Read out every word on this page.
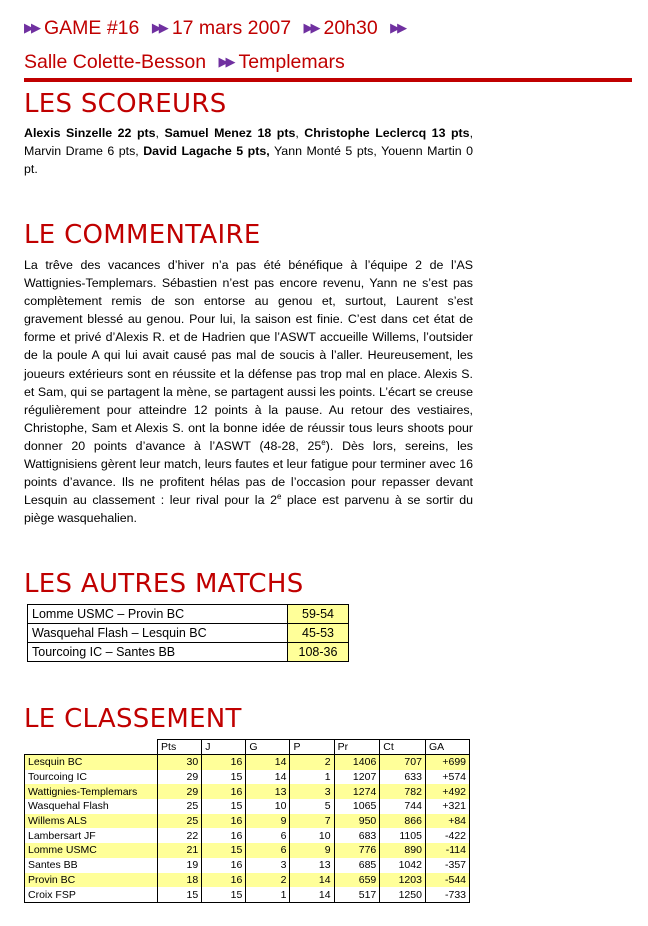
▶▶ GAME #16 ▶▶ 17 mars 2007 ▶▶ 20h30 ▶▶
Salle Colette-Besson ▶▶ Templemars
LES SCOREURS
Alexis Sinzelle 22 pts, Samuel Menez 18 pts, Christophe Leclercq 13 pts, Marvin Drame 6 pts, David Lagache 5 pts, Yann Monté 5 pts, Youenn Martin 0 pt.
LE COMMENTAIRE
La trêve des vacances d’hiver n’a pas été bénéfique à l’équipe 2 de l’AS Wattignies-Templemars. Sébastien n’est pas encore revenu, Yann ne s’est pas complètement remis de son entorse au genou et, surtout, Laurent s’est gravement blessé au genou. Pour lui, la saison est finie. C’est dans cet état de forme et privé d’Alexis R. et de Hadrien que l’ASWT accueille Willems, l’outsider de la poule A qui lui avait causé pas mal de soucis à l’aller. Heureusement, les joueurs extérieurs sont en réussite et la défense pas trop mal en place. Alexis S. et Sam, qui se partagent la mène, se partagent aussi les points. L’écart se creuse régulièrement pour atteindre 12 points à la pause. Au retour des vestiaires, Christophe, Sam et Alexis S. ont la bonne idée de réussir tous leurs shoots pour donner 20 points d’avance à l’ASWT (48-28, 25e). Dès lors, sereins, les Wattignisiens gèrent leur match, leurs fautes et leur fatigue pour terminer avec 16 points d’avance. Ils ne profitent hélas pas de l’occasion pour repasser devant Lesquin au classement : leur rival pour la 2e place est parvenu à se sortir du piège wasquehalien.
LES AUTRES MATCHS
Lomme USMC – Provin BC	59-54
Wasquehal Flash – Lesquin BC	45-53
Tourcoing IC – Santes BB	108-36
LE CLASSEMENT
	Pts	J	G	P	Pr	Ct	GA
Lesquin BC	30	16	14	2	1406	707	+699
Tourcoing IC	29	15	14	1	1207	633	+574
Wattignies-Templemars	29	16	13	3	1274	782	+492
Wasquehal Flash	25	15	10	5	1065	744	+321
Willems ALS	25	16	9	7	950	866	+84
Lambersart JF	22	16	6	10	683	1105	-422
Lomme USMC	21	15	6	9	776	890	-114
Santes BB	19	16	3	13	685	1042	-357
Provin BC	18	16	2	14	659	1203	-544
Croix FSP	15	15	1	14	517	1250	-733
